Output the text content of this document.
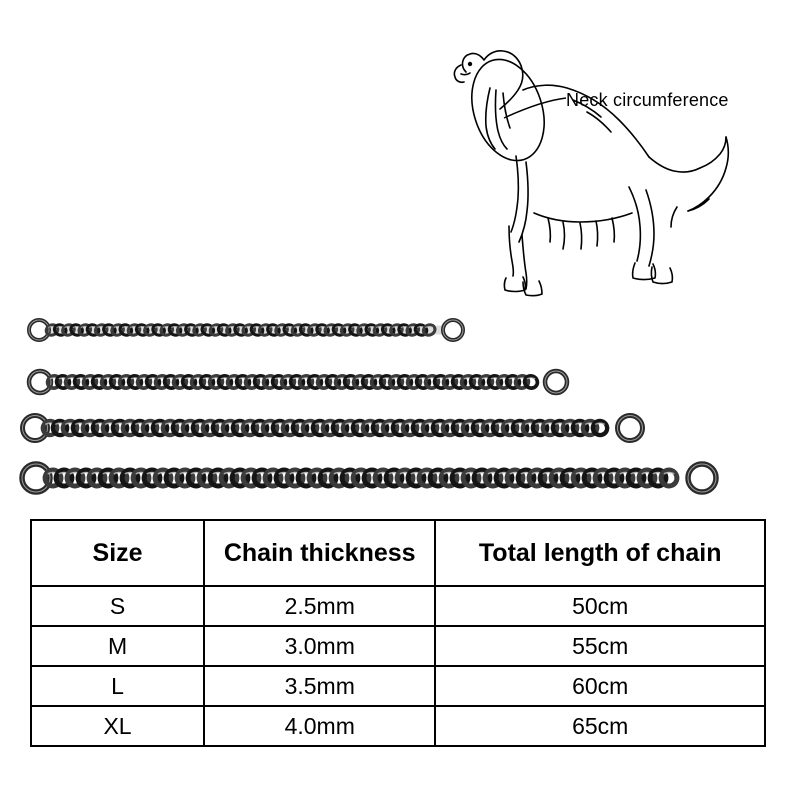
Neck circumference
Size	Chain thickness	Total length of chain
S	2.5mm	50cm
M	3.0mm	55cm
L	3.5mm	60cm
XL	4.0mm	65cm
